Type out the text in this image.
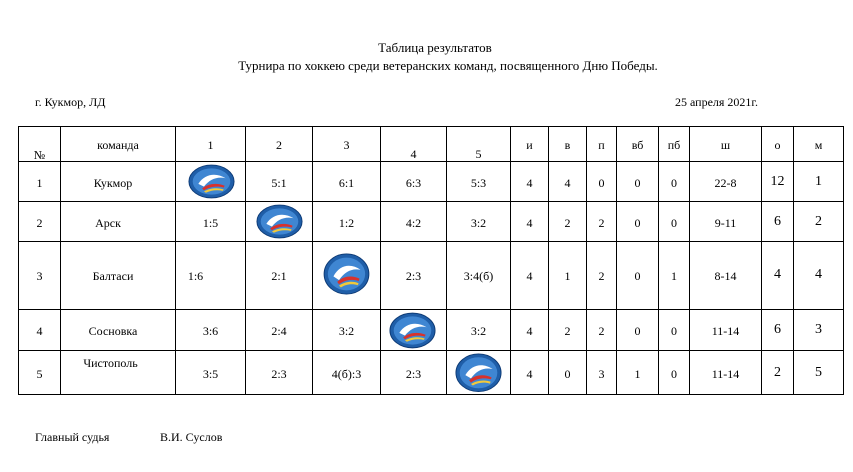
Таблица результатов
Турнира по хоккею среди ветеранских команд, посвященного Дню Победы.
г. Кукмор, ЛД	25 апреля 2021г.
№	команда	1	2	3	4	5	и	в	п	вб	пб	ш	о	м

1	Кукмор		5:1	6:1	6:3	5:3	4	4	0	0	0	22-8	12	1

2	Арск	1:5		1:2	4:2	3:2	4	2	2	0	0	9-11	6	2

3	Балтаси	1:6	2:1		2:3	3:4(б)	4	1	2	0	1	8-14	4	4

4	Сосновка	3:6	2:4	3:2		3:2	4	2	2	0	0	11-14	6	3

5	Чистополь	3:5	2:3	4(б):3	2:3		4	0	3	1	0	11-14	2	5
Главный судья	В.И. Суслов
